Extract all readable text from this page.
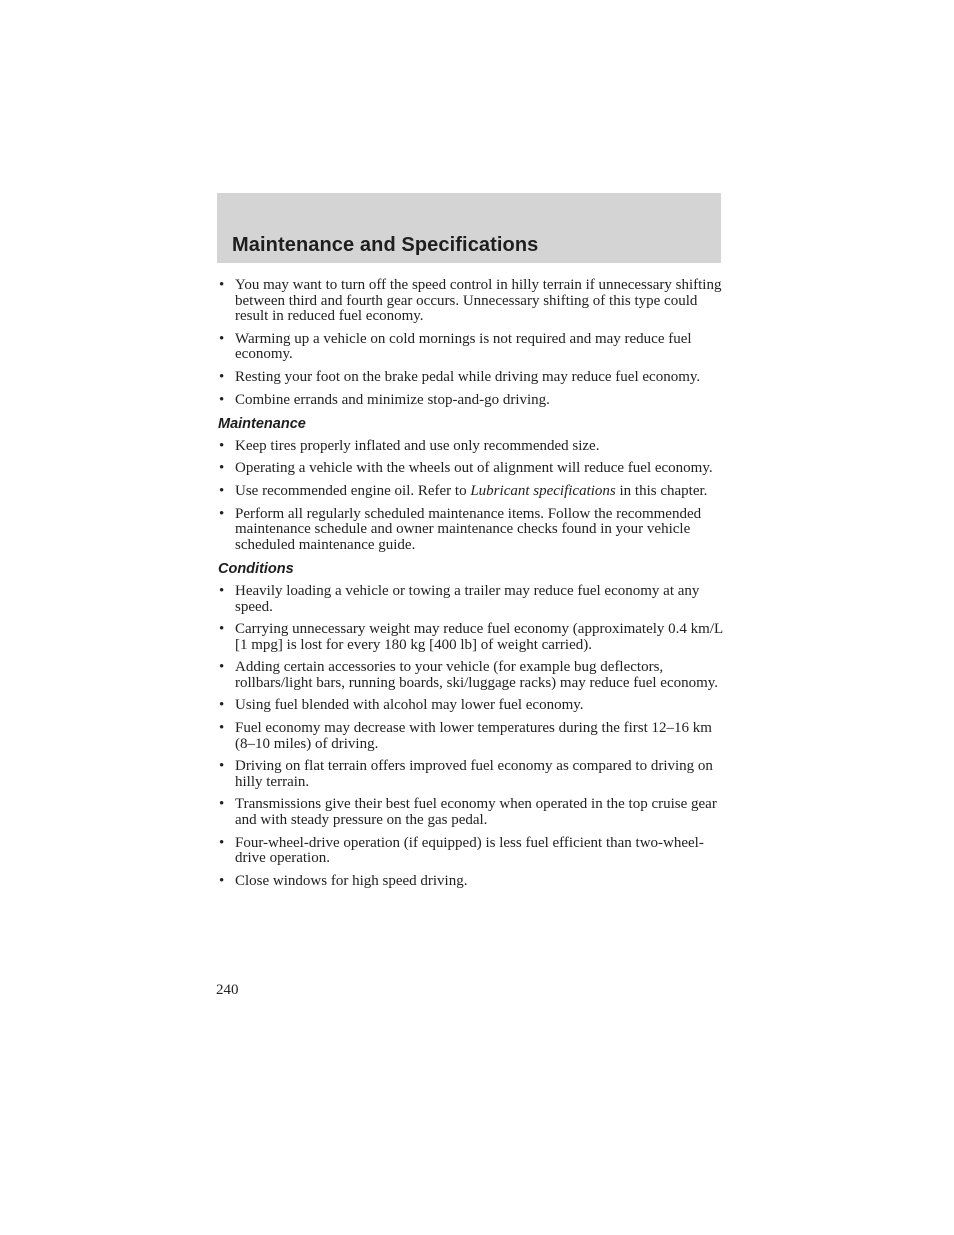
Maintenance and Specifications
• You may want to turn off the speed control in hilly terrain if unnecessary shifting between third and fourth gear occurs. Unnecessary shifting of this type could result in reduced fuel economy.
• Warming up a vehicle on cold mornings is not required and may reduce fuel economy.
• Resting your foot on the brake pedal while driving may reduce fuel economy.
• Combine errands and minimize stop-and-go driving.
Maintenance
• Keep tires properly inflated and use only recommended size.
• Operating a vehicle with the wheels out of alignment will reduce fuel economy.
• Use recommended engine oil. Refer to Lubricant specifications in this chapter.
• Perform all regularly scheduled maintenance items. Follow the recommended maintenance schedule and owner maintenance checks found in your vehicle scheduled maintenance guide.
Conditions
• Heavily loading a vehicle or towing a trailer may reduce fuel economy at any speed.
• Carrying unnecessary weight may reduce fuel economy (approximately 0.4 km/L [1 mpg] is lost for every 180 kg [400 lb] of weight carried).
• Adding certain accessories to your vehicle (for example bug deflectors, rollbars/light bars, running boards, ski/luggage racks) may reduce fuel economy.
• Using fuel blended with alcohol may lower fuel economy.
• Fuel economy may decrease with lower temperatures during the first 12–16 km (8–10 miles) of driving.
• Driving on flat terrain offers improved fuel economy as compared to driving on hilly terrain.
• Transmissions give their best fuel economy when operated in the top cruise gear and with steady pressure on the gas pedal.
• Four-wheel-drive operation (if equipped) is less fuel efficient than two-wheel-drive operation.
• Close windows for high speed driving.
240
